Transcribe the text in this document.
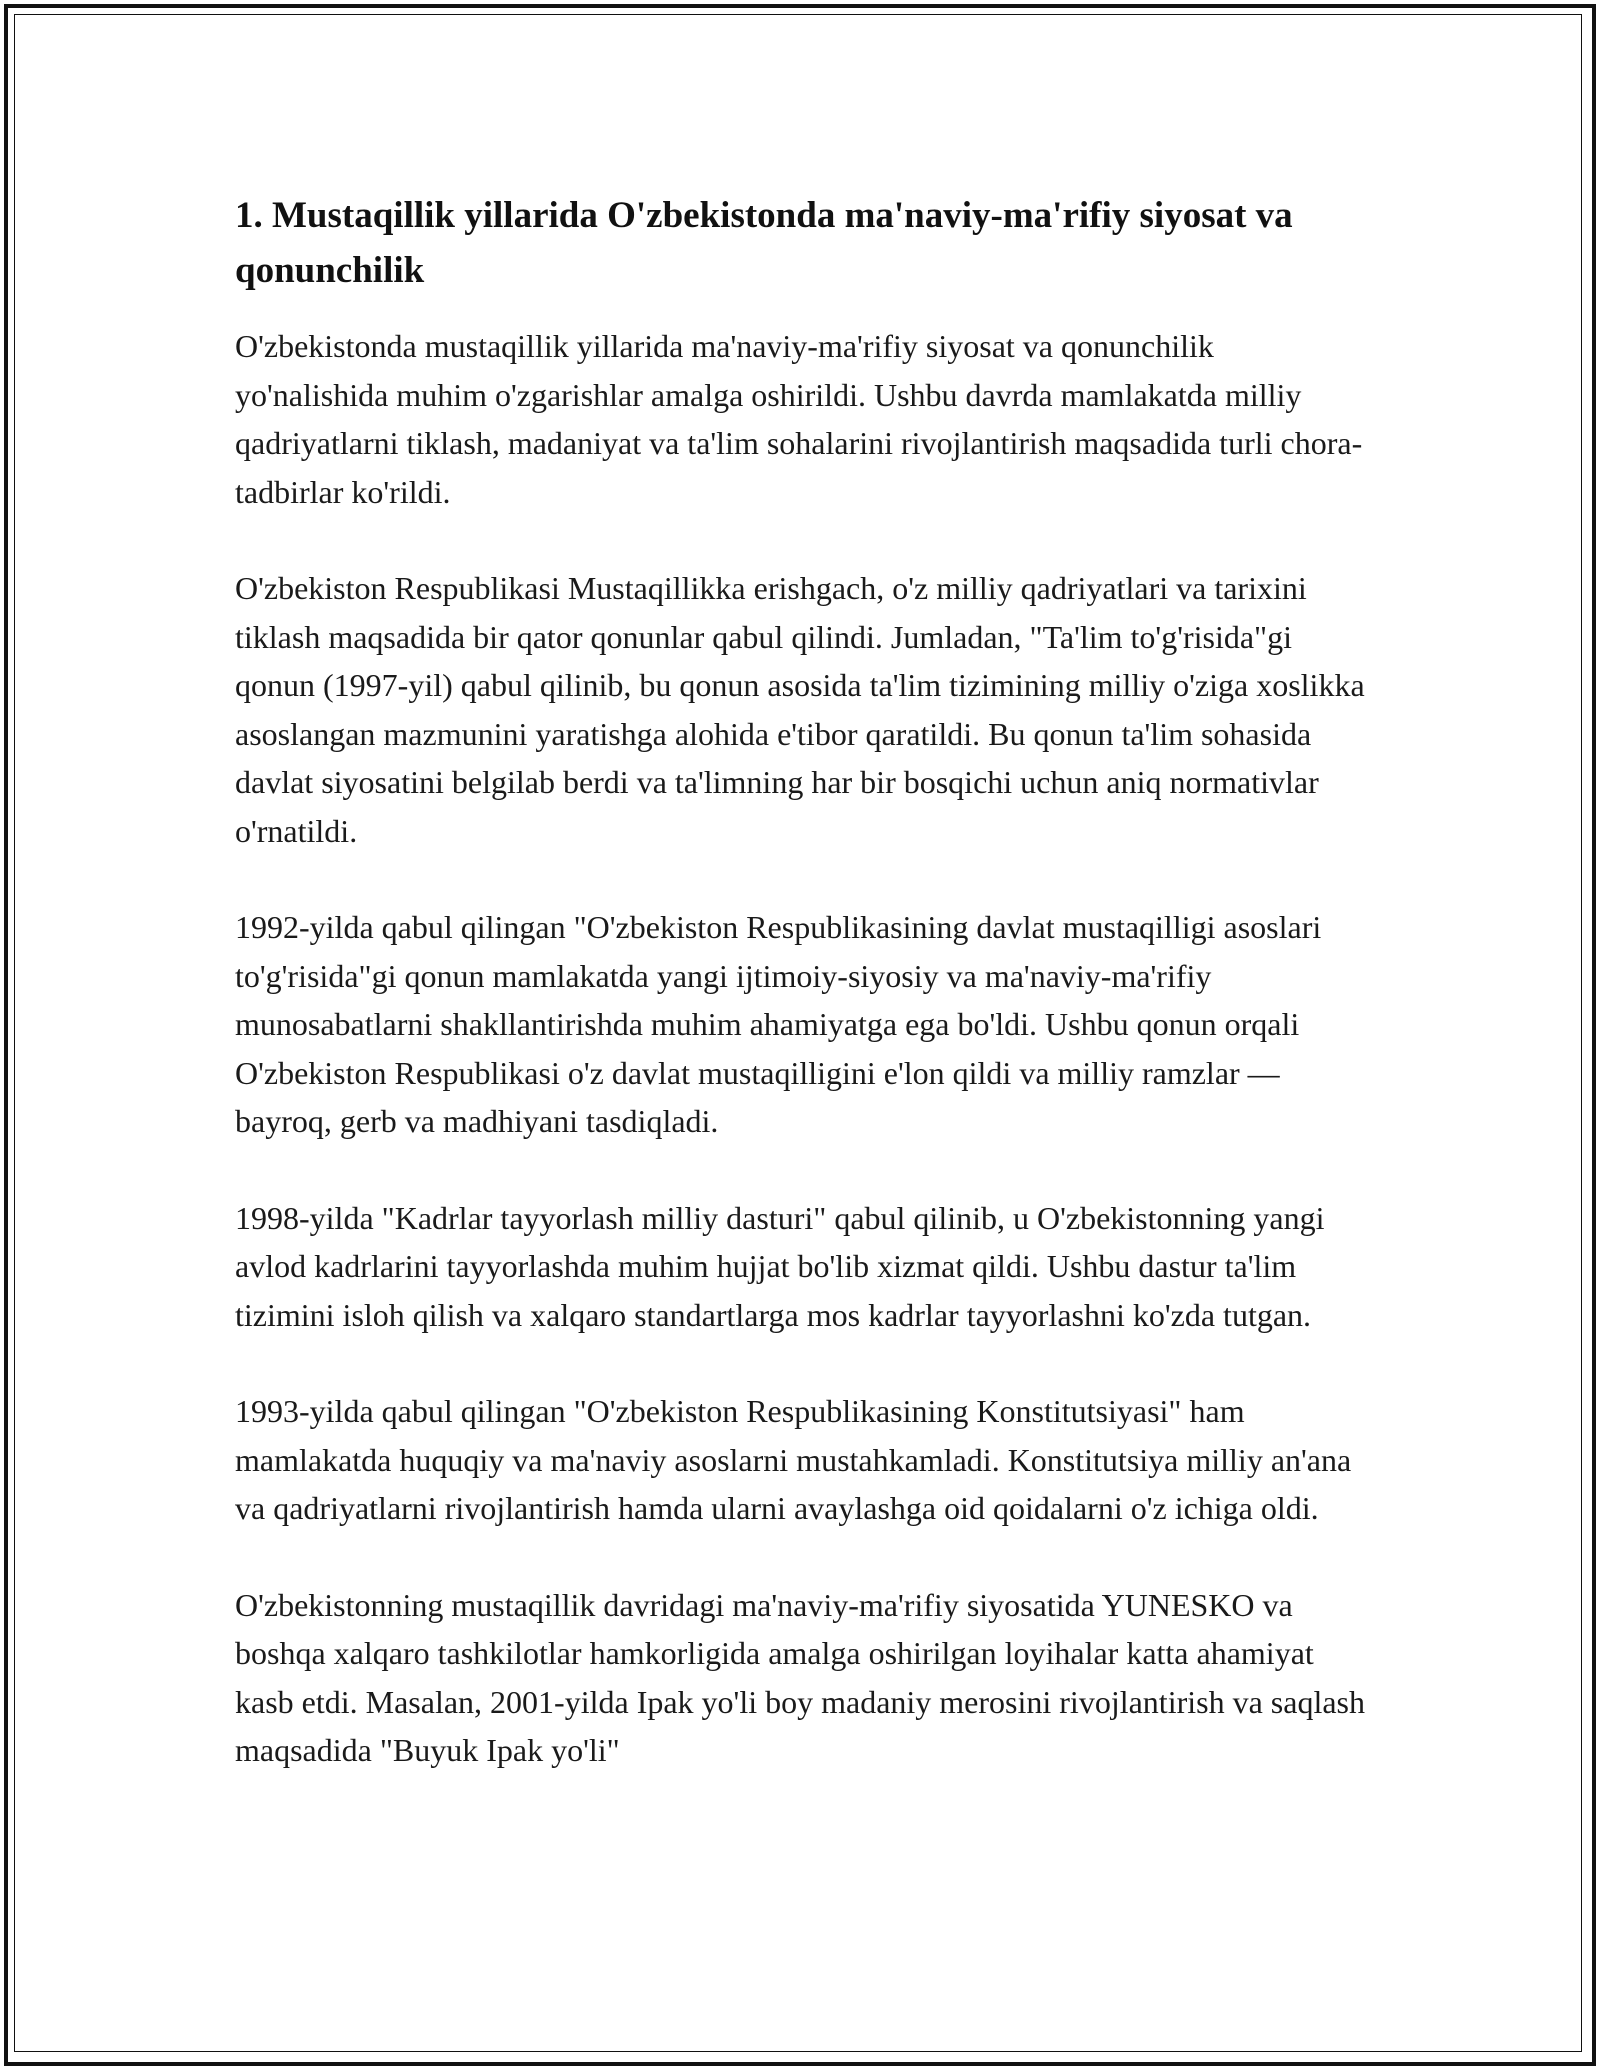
1. Mustaqillik yillarida O'zbekistonda ma'naviy-ma'rifiy siyosat va qonunchilik

O'zbekistonda mustaqillik yillarida ma'naviy-ma'rifiy siyosat va qonunchilik yo'nalishida muhim o'zgarishlar amalga oshirildi. Ushbu davrda mamlakatda milliy qadriyatlarni tiklash, madaniyat va ta'lim sohalarini rivojlantirish maqsadida turli chora-tadbirlar ko'rildi.

O'zbekiston Respublikasi Mustaqillikka erishgach, o'z milliy qadriyatlari va tarixini tiklash maqsadida bir qator qonunlar qabul qilindi. Jumladan, "Ta'lim to'g'risida"gi qonun (1997-yil) qabul qilinib, bu qonun asosida ta'lim tizimining milliy o'ziga xoslikka asoslangan mazmunini yaratishga alohida e'tibor qaratildi. Bu qonun ta'lim sohasida davlat siyosatini belgilab berdi va ta'limning har bir bosqichi uchun aniq normativlar o'rnatildi.

1992-yilda qabul qilingan "O'zbekiston Respublikasining davlat mustaqilligi asoslari to'g'risida"gi qonun mamlakatda yangi ijtimoiy-siyosiy va ma'naviy-ma'rifiy munosabatlarni shakllantirishda muhim ahamiyatga ega bo'ldi. Ushbu qonun orqali O'zbekiston Respublikasi o'z davlat mustaqilligini e'lon qildi va milliy ramzlar — bayroq, gerb va madhiyani tasdiqladi.

1998-yilda "Kadrlar tayyorlash milliy dasturi" qabul qilinib, u O'zbekistonning yangi avlod kadrlarini tayyorlashda muhim hujjat bo'lib xizmat qildi. Ushbu dastur ta'lim tizimini isloh qilish va xalqaro standartlarga mos kadrlar tayyorlashni ko'zda tutgan.

1993-yilda qabul qilingan "O'zbekiston Respublikasining Konstitutsiyasi" ham mamlakatda huquqiy va ma'naviy asoslarni mustahkamladi. Konstitutsiya milliy an'ana va qadriyatlarni rivojlantirish hamda ularni avaylashga oid qoidalarni o'z ichiga oldi.

O'zbekistonning mustaqillik davridagi ma'naviy-ma'rifiy siyosatida YUNESKO va boshqa xalqaro tashkilotlar hamkorligida amalga oshirilgan loyihalar katta ahamiyat kasb etdi. Masalan, 2001-yilda Ipak yo'li boy madaniy merosini rivojlantirish va saqlash maqsadida "Buyuk Ipak yo'li"
